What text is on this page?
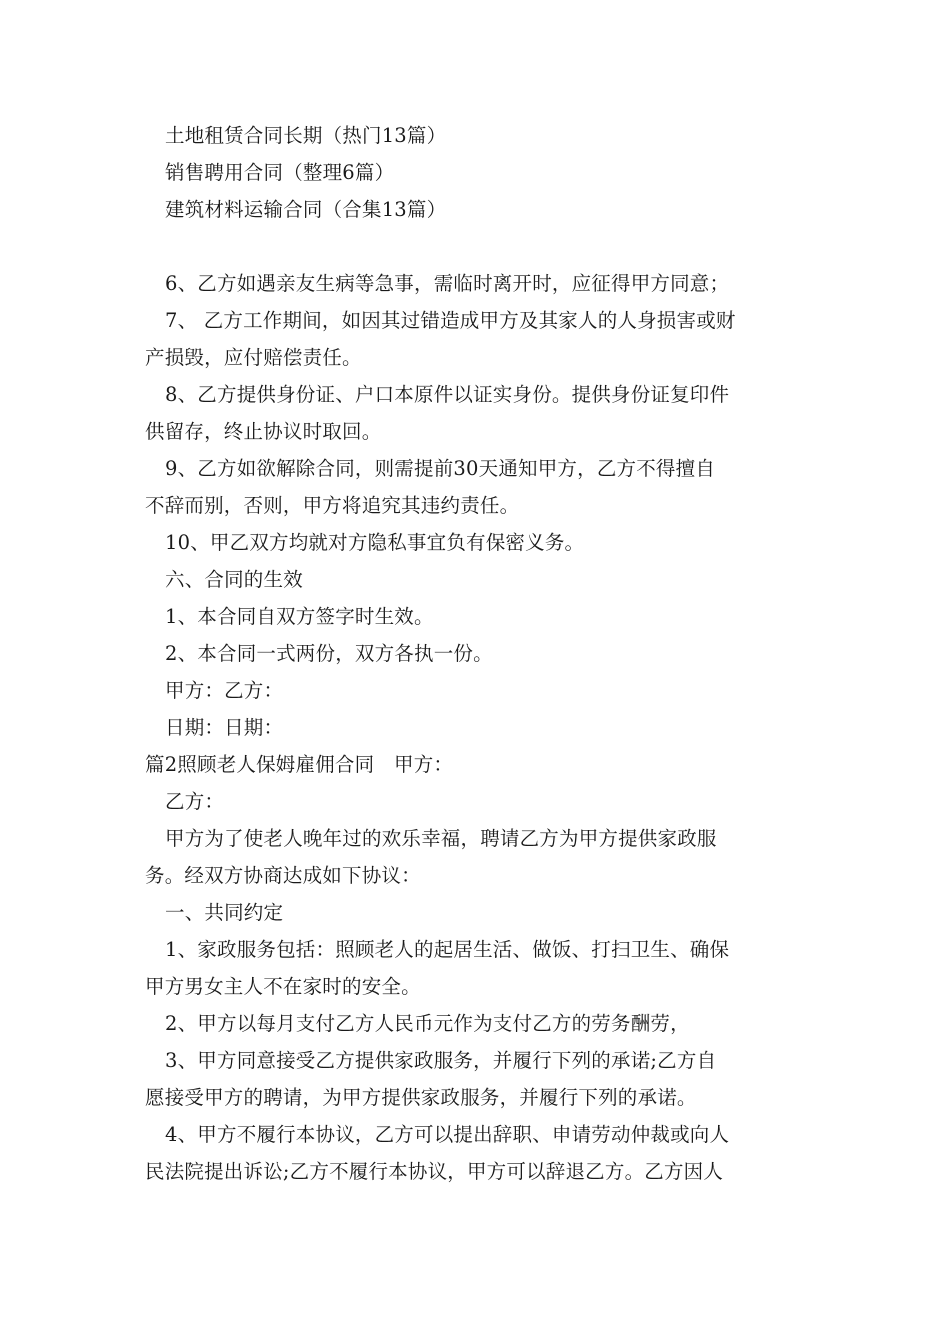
土地租赁合同长期（热门13篇）
销售聘用合同（整理6篇）
建筑材料运输合同（合集13篇）
6、乙方如遇亲友生病等急事，需临时离开时，应征得甲方同意；
7、 乙方工作期间，如因其过错造成甲方及其家人的人身损害或财
产损毁，应付赔偿责任。
8、乙方提供身份证、户口本原件以证实身份。提供身份证复印件
供留存，终止协议时取回。
9、乙方如欲解除合同，则需提前30天通知甲方，乙方不得擅自
不辞而别，否则，甲方将追究其违约责任。
10、甲乙双方均就对方隐私事宜负有保密义务。
六、合同的生效
1、本合同自双方签字时生效。
2、本合同一式两份，双方各执一份。
甲方：乙方：
日期：日期：
篇2照顾老人保姆雇佣合同　甲方：
乙方：
甲方为了使老人晚年过的欢乐幸福，聘请乙方为甲方提供家政服
务。经双方协商达成如下协议：
一、共同约定
1、家政服务包括：照顾老人的起居生活、做饭、打扫卫生、确保
甲方男女主人不在家时的安全。
2、甲方以每月支付乙方人民币元作为支付乙方的劳务酬劳，
3、甲方同意接受乙方提供家政服务，并履行下列的承诺;乙方自
愿接受甲方的聘请，为甲方提供家政服务，并履行下列的承诺。
4、甲方不履行本协议，乙方可以提出辞职、申请劳动仲裁或向人
民法院提出诉讼;乙方不履行本协议，甲方可以辞退乙方。乙方因人
